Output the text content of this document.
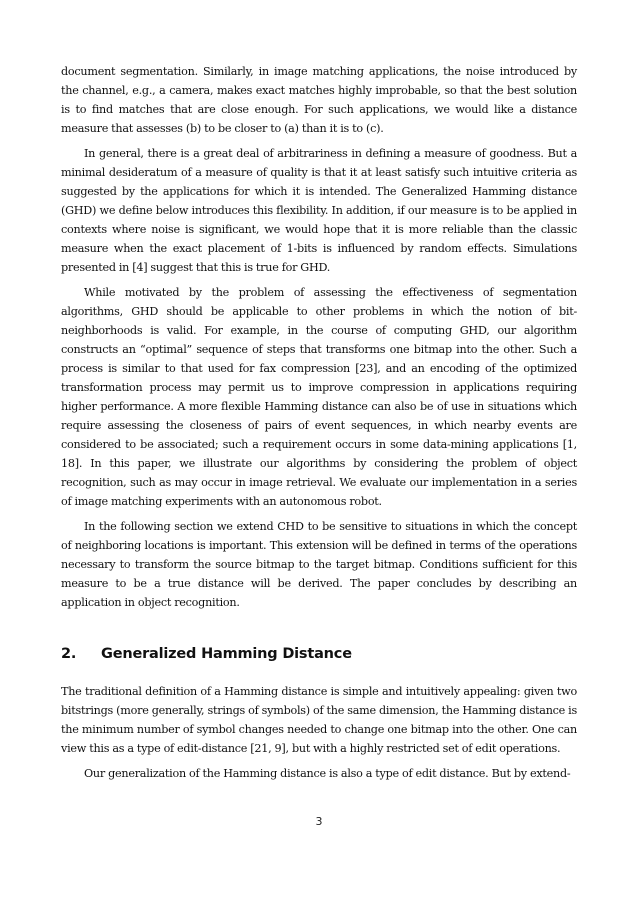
document segmentation. Similarly, in image matching applications, the noise introduced by the channel, e.g., a camera, makes exact matches highly improbable, so that the best solution is to find matches that are close enough. For such applications, we would like a distance measure that assesses (b) to be closer to (a) than it is to (c).

In general, there is a great deal of arbitrariness in defining a measure of goodness. But a minimal desideratum of a measure of quality is that it at least satisfy such intuitive criteria as suggested by the applications for which it is intended. The Generalized Hamming distance (GHD) we define below introduces this flexibility. In addition, if our measure is to be applied in contexts where noise is significant, we would hope that it is more reliable than the classic measure when the exact placement of 1-bits is influenced by random effects. Simulations presented in [4] suggest that this is true for GHD.

While motivated by the problem of assessing the effectiveness of segmentation algorithms, GHD should be applicable to other problems in which the notion of bit-neighborhoods is valid. For example, in the course of computing GHD, our algorithm constructs an “optimal” sequence of steps that transforms one bitmap into the other. Such a process is similar to that used for fax compression [23], and an encoding of the optimized transformation process may permit us to improve compression in applications requiring higher performance. A more flexible Hamming distance can also be of use in situations which require assessing the closeness of pairs of event sequences, in which nearby events are considered to be associated; such a requirement occurs in some data-mining applications [1, 18]. In this paper, we illustrate our algorithms by considering the problem of object recognition, such as may occur in image retrieval. We evaluate our implementation in a series of image matching experiments with an autonomous robot.

In the following section we extend CHD to be sensitive to situations in which the concept of neighboring locations is important. This extension will be defined in terms of the operations necessary to transform the source bitmap to the target bitmap. Conditions sufficient for this measure to be a true distance will be derived. The paper concludes by describing an application in object recognition.

2.	Generalized Hamming Distance

The traditional definition of a Hamming distance is simple and intuitively appealing: given two bitstrings (more generally, strings of symbols) of the same dimension, the Hamming distance is the minimum number of symbol changes needed to change one bitmap into the other. One can view this as a type of edit-distance [21, 9], but with a highly restricted set of edit operations.

Our generalization of the Hamming distance is also a type of edit distance. But by extend-

3
